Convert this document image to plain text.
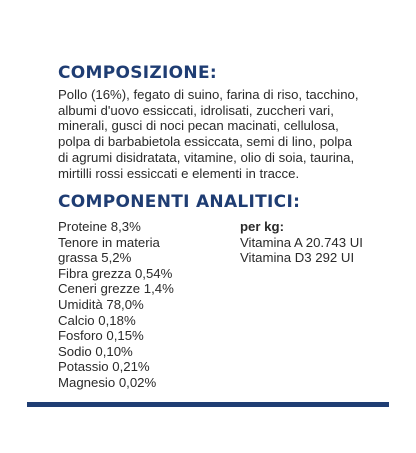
COMPOSIZIONE:
Pollo (16%), fegato di suino, farina di riso, tacchino,
albumi d'uovo essiccati, idrolisati, zuccheri vari,
minerali, gusci di noci pecan macinati, cellulosa,
polpa di barbabietola essiccata, semi di lino, polpa
di agrumi disidratata, vitamine, olio di soia, taurina,
mirtilli rossi essiccati e elementi in tracce.
COMPONENTI ANALITICI:
Proteine 8,3%
Tenore in materia
grassa 5,2%
Fibra grezza 0,54%
Ceneri grezze 1,4%
Umidità 78,0%
Calcio 0,18%
Fosforo 0,15%
Sodio 0,10%
Potassio 0,21%
Magnesio 0,02%
per kg:
Vitamina A 20.743 UI
Vitamina D3 292 UI
